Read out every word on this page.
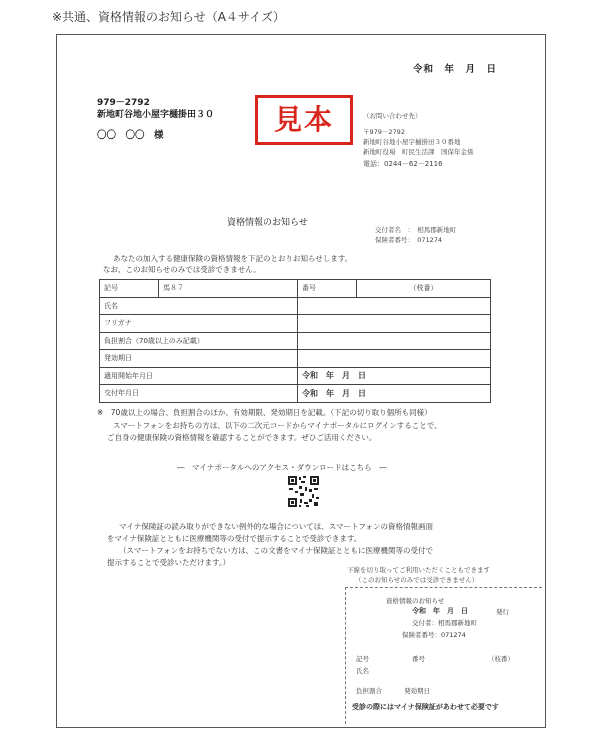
※共通、資格情報のお知らせ（A４サイズ）
令和　年　月　日
979－2792
新地町谷地小屋字樋掛田３０
〇〇　〇〇　様	見本	（お問い合わせ先）
〒979－2792
新地町谷地小屋字樋掛田３０番地
新地町役場　町民生活課　国保年金係
電話：0244－62－2116
資格情報のお知らせ
交付者名　：　相馬郡新地町
保険者番号：　071274
あなたの加入する健康保険の資格情報を下記のとおりお知らせします。
なお、このお知らせのみでは受診できません。
記号	馬８７	番号	（枝番）
氏名			
フリガナ			
負担割合（70歳以上のみ記載）			
発効期日			
適用開始年月日		令和　年　月　日	
交付年月日		令和　年　月　日	
※　70歳以上の場合、負担割合のほか、有効期限、発効期日を記載。（下記の切り取り個所も同様）
スマートフォンをお持ちの方は、以下の二次元コードからマイナポータルにログインすることで、
ご自身の健康保険の資格情報を確認することができます。ぜひご活用ください。
―　マイナポータルへのアクセス・ダウンロードはこちら　―
マイナ保険証の読み取りができない例外的な場合については、スマートフォンの資格情報画面
をマイナ保険証とともに医療機関等の受付で提示することで受診できます。
（スマートフォンをお持ちでない方は、この文書をマイナ保険証とともに医療機関等の受付で
提示することで受診いただけます。）
下線を切り取ってご利用いただくこともできます
（このお知らせのみでは受診できません）
資格情報のお知らせ
令和　年　月　日	発行
交付者：相馬郡新地町
保険者番号：071274
記号	番号	（枝番）
氏名
負担割合	発効期日
受診の際にはマイナ保険証があわせて必要です
